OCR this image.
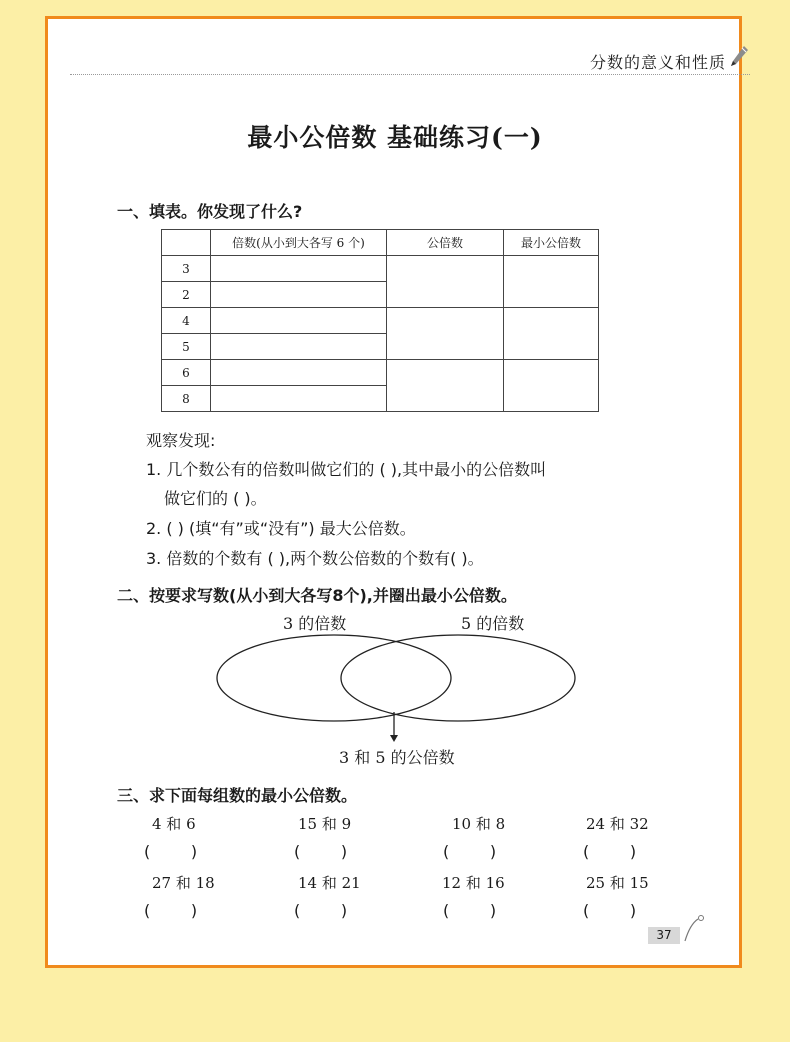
分数的意义和性质
最小公倍数 基础练习(一)
一、填表。你发现了什么?
	倍数(从小到大各写 6 个)	公倍数	最小公倍数
3			
2			
4			
5			
6			
8			
观察发现:
1. 几个数公有的倍数叫做它们的 ( ),其中最小的公倍数叫
做它们的 ( )。
2. ( ) (填“有”或“没有”) 最大公倍数。
3. 倍数的个数有 ( ),两个数公倍数的个数有( )。
二、按要求写数(从小到大各写8个),并圈出最小公倍数。
3 的倍数	5 的倍数
3 和 5 的公倍数
三、求下面每组数的最小公倍数。
4 和 6	15 和 9	10 和 8	24 和 32
(        )	(        )	(        )	(        )
27 和 18	14 和 21	12 和 16	25 和 15
(        )	(        )	(        )	(        )
37
